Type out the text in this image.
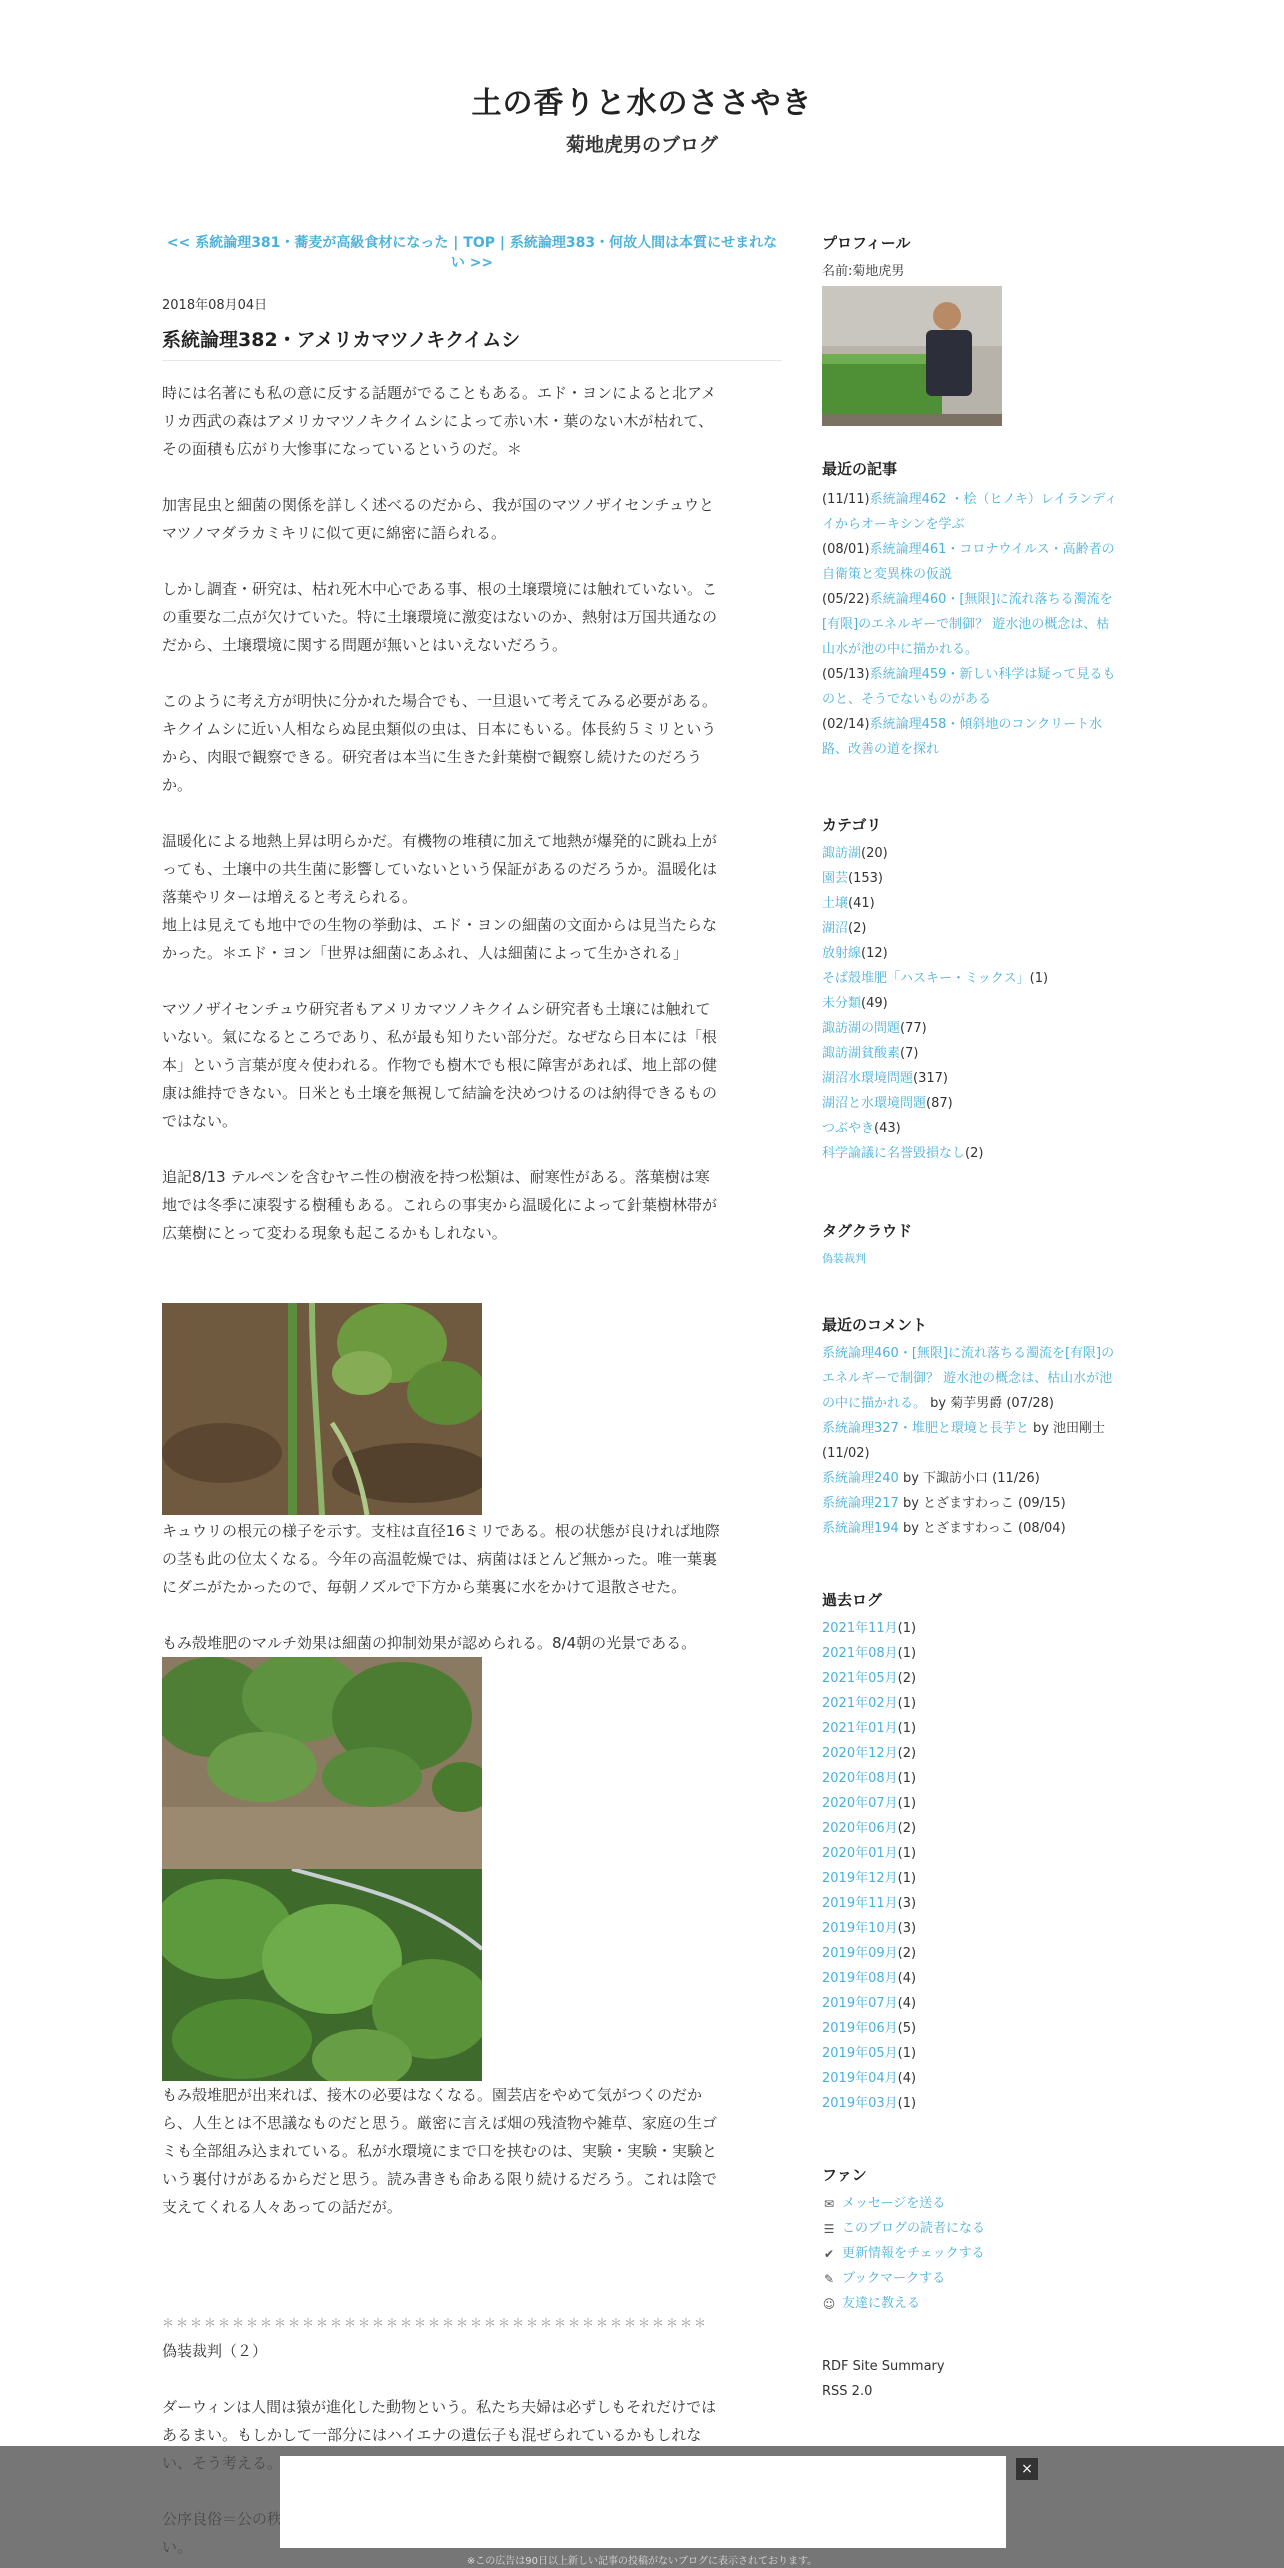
土の香りと水のささやき
菊地虎男のブログ
<< 系統論理381・蕎麦が高級食材になった | TOP | 系統論理383・何故人間は本質にせまれない >>
2018年08月04日
系統論理382・アメリカマツノキクイムシ

時には名著にも私の意に反する話題がでることもある。エド・ヨンによると北アメリカ西武の森はアメリカマツノキクイムシによって赤い木・葉のない木が枯れて、その面積も広がり大惨事になっているというのだ。＊

加害昆虫と細菌の関係を詳しく述べるのだから、我が国のマツノザイセンチュウとマツノマダラカミキリに似て更に綿密に語られる。

しかし調査・研究は、枯れ死木中心である事、根の土壌環境には触れていない。この重要な二点が欠けていた。特に土壌環境に激変はないのか、熱射は万国共通なのだから、土壌環境に関する問題が無いとはいえないだろう。

このように考え方が明快に分かれた場合でも、一旦退いて考えてみる必要がある。キクイムシに近い人相ならぬ昆虫類似の虫は、日本にもいる。体長約５ミリというから、肉眼で観察できる。研究者は本当に生きた針葉樹で観察し続けたのだろうか。

温暖化による地熱上昇は明らかだ。有機物の堆積に加えて地熱が爆発的に跳ね上がっても、土壌中の共生菌に影響していないという保証があるのだろうか。温暖化は落葉やリターは増えると考えられる。

地上は見えても地中での生物の挙動は、エド・ヨンの細菌の文面からは見当たらなかった。＊エド・ヨン「世界は細菌にあふれ、人は細菌によって生かされる」

マツノザイセンチュウ研究者もアメリカマツノキクイムシ研究者も土壌には触れていない。氣になるところであり、私が最も知りたい部分だ。なぜなら日本には「根本」という言葉が度々使われる。作物でも樹木でも根に障害があれば、地上部の健康は維持できない。日米とも土壌を無視して結論を決めつけるのは納得できるものではない。

追記8/13 テルペンを含むヤニ性の樹液を持つ松類は、耐寒性がある。落葉樹は寒地では冬季に凍裂する樹種もある。これらの事実から温暖化によって針葉樹林帯が広葉樹にとって変わる現象も起こるかもしれない。

キュウリの根元の様子を示す。支柱は直径16ミリである。根の状態が良ければ地際の茎も此の位太くなる。今年の高温乾燥では、病菌はほとんど無かった。唯一葉裏にダニがたかったので、毎朝ノズルで下方から葉裏に水をかけて退散させた。
もみ殻堆肥のマルチ効果は細菌の抑制効果が認められる。8/4朝の光景である。
もみ殻堆肥が出来れば、接木の必要はなくなる。園芸店をやめて気がつくのだから、人生とは不思議なものだと思う。厳密に言えば畑の残渣物や雑草、家庭の生ゴミも全部組み込まれている。私が水環境にまで口を挟むのは、実験・実験・実験という裏付けがあるからだと思う。読み書きも命ある限り続けるだろう。これは陰で支えてくれる人々あっての話だが。
＊＊＊＊＊＊＊＊＊＊＊＊＊＊＊＊＊＊＊＊＊＊＊＊＊＊＊＊＊＊＊＊＊＊＊＊＊＊＊
偽装裁判（２）
ダーウィンは人間は猿が進化した動物という。私たち夫婦は必ずしもそれだけではあるまい。もしかして一部分にはハイエナの遺伝子も混ぜられているかもしれな
プロフィール
名前:菊地虎男
最近の記事
(11/11)系統論理462 ・桧（ヒノキ）レイランディイからオーキシンを学ぶ
(08/01)系統論理461・コロナウイルス・高齢者の自衛策と変異株の仮説
(05/22)系統論理460・[無限]に流れ落ちる濁流を[有限]のエネルギーで制御？ 遊水池の概念は、枯山水が池の中に描かれる。
(05/13)系統論理459・新しい科学は疑って見るものと、そうでないものがある
(02/14)系統論理458・傾斜地のコンクリート水路、改善の道を探れ
カテゴリ
諏訪湖(20)
園芸(153)
土壌(41)
湖沼(2)
放射線(12)
そば殻堆肥「ハスキー・ミックス」(1)
未分類(49)
諏訪湖の問題(77)
諏訪湖貧酸素(7)
湖沼水環境問題(317)
湖沼と水環境問題(87)
つぶやき(43)
科学論議に名誉毀損なし(2)
タグクラウド
偽装裁判
最近のコメント
系統論理460・[無限]に流れ落ちる濁流を[有限]のエネルギーで制御？ 遊水池の概念は、枯山水が池の中に描かれる。 by 菊芋男爵 (07/28)
系統論理327・堆肥と環境と長芋と by 池田剛士 (11/02)
系統論理240 by 下諏訪小口 (11/26)
系統論理217 by とざますわっこ (09/15)
系統論理194 by とざますわっこ (08/04)
過去ログ
2021年11月(1)
2021年08月(1)
2021年05月(2)
2021年02月(1)
2021年01月(1)
2020年12月(2)
2020年08月(1)
2020年07月(1)
2020年06月(2)
2020年01月(1)
2019年12月(1)
2019年11月(3)
2019年10月(3)
2019年09月(2)
2019年08月(4)
2019年07月(4)
2019年06月(5)
2019年05月(1)
2019年04月(4)
2019年03月(1)
ファン
✉ メッセージを送る
☰ このブログの読者になる
✔ 更新情報をチェックする
✎ ブックマークする
☺ 友達に教える
RDF Site Summary
RSS 2.0
×
※この広告は90日以上新しい記事の投稿がないブログに表示されております。
